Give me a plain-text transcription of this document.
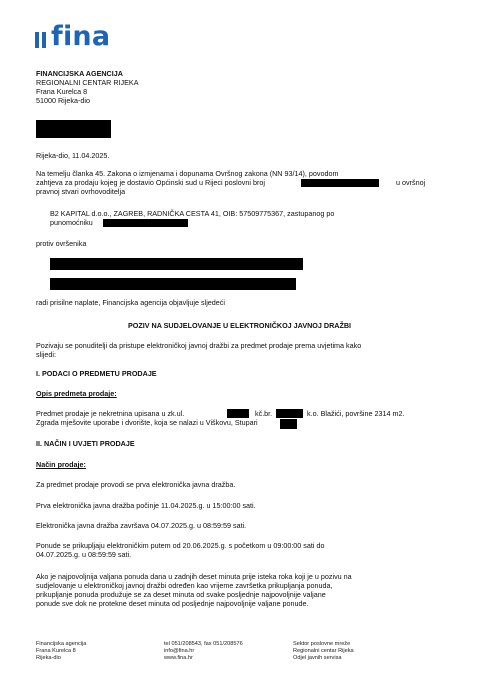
fina
FINANCIJSKA AGENCIJA
REGIONALNI CENTAR RIJEKA
Frana Kurelca 8
51000 Rijeka-dio
Rijeka-dio, 11.04.2025.
Na temelju članka 45. Zakona o izmjenama i dopunama Ovršnog zakona (NN 93/14), povodom
zahtjeva za prodaju kojeg je dostavio Općinski sud u Rijeci poslovni broj	u ovršnoj
pravnoj stvari ovrhovoditelja
B2 KAPITAL d.o.o., ZAGREB, RADNIČKA CESTA 41, OIB: 57509775367, zastupanog po
punomoćniku
protiv ovršenika
radi prisilne naplate, Financijska agencija objavljuje sljedeći
POZIV NA SUDJELOVANJE U ELEKTRONIČKOJ JAVNOJ DRAŽBI
Pozivaju se ponuditelji da pristupe elektroničkoj javnoj dražbi za predmet prodaje prema uvjetima kako
slijedi:
I. PODACI O PREDMETU PRODAJE
Opis predmeta prodaje:
Predmet prodaje je nekretnina upisana u zk.ul.	kč.br.	k.o. Blažići, površine 2314 m2.
Zgrada mješovite uporabe i dvorište, koja se nalazi u Viškovu, Stupari
II. NAČIN I UVJETI PRODAJE
Način prodaje:
Za predmet prodaje provodi se prva elektronička javna dražba.
Prva elektronička javna dražba počinje 11.04.2025.g. u 15:00:00 sati.
Elektronička javna dražba završava 04.07.2025.g. u 08:59:59 sati.
Ponude se prikupljaju elektroničkim putem od 20.06.2025.g. s početkom u 09:00:00 sati do
04.07.2025.g. u 08:59:59 sati.
Ako je najpovoljnija valjana ponuda dana u zadnjih deset minuta prije isteka roka koji je u pozivu na
sudjelovanje u elektroničkoj javnoj dražbi određen kao vrijeme završetka prikupljanja ponuda,
prikupljanje ponuda produžuje se za deset minuta od svake posljednje najpovoljnije valjane
ponude sve dok ne protekne deset minuta od posljednje najpovoljnije valjane ponude.
Financijska agencija
Frana Kurelca 8
Rijeka-dio
tel 051/208543, fax 051/208576
info@fina.hr
www.fina.hr
Sektor poslovne mreže
Regionalni centar Rijeka
Odjel javnih servisa
